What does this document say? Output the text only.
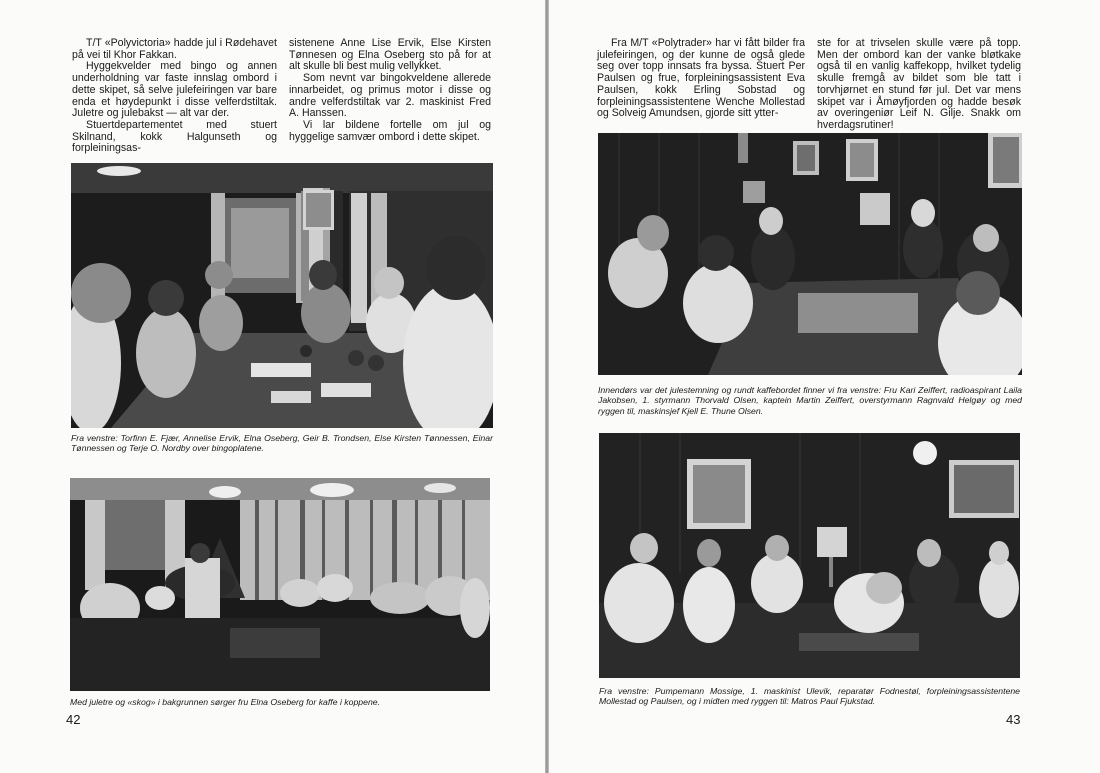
T/T «Polyvictoria» hadde jul i Rødehavet på vei til Khor Fakkan.

Hyggekvelder med bingo og annen underholdning var faste innslag ombord i dette skipet, så selve julefeiringen var bare enda et høydepunkt i disse velferdstiltak. Juletre og julebakst — alt var der.

Stuertdepartementet med stuert Skilnand, kokk Halgunseth og forpleiningsas-

sistenene Anne Lise Ervik, Else Kirsten Tønnesen og Elna Oseberg sto på for at alt skulle bli best mulig vellykket.

Som nevnt var bingokveldene allerede innarbeidet, og primus motor i disse og andre velferdstiltak var 2. maskinist Fred A. Hanssen.

Vi lar bildene fortelle om jul og hyggelige samvær ombord i dette skipet.

Fra venstre: Torfinn E. Fjær, Annelise Ervik, Elna Oseberg, Geir B. Trondsen, Else Kirsten Tønnessen, Einar Tønnessen og Terje O. Nordby over bingoplatene.
Med juletre og «skog» i bakgrunnen sørger fru Elna Oseberg for kaffe i koppene.
42

Fra M/T «Polytrader» har vi fått bilder fra julefeiringen, og der kunne de også glede seg over topp innsats fra byssa. Stuert Per Paulsen og frue, forpleiningsassistent Eva Paulsen, kokk Erling Sobstad og forpleiningsassistentene Wenche Mollestad og Solveig Amundsen, gjorde sitt ytter-

ste for at trivselen skulle være på topp. Men der ombord kan der vanke bløtkake også til en vanlig kaffekopp, hvilket tydelig skulle fremgå av bildet som ble tatt i torvhjørnet en stund før jul. Det var mens skipet var i Åmøyfjorden og hadde besøk av overingeniør Leif N. Gilje. Snakk om hverdagsrutiner!

Innendørs var det julestemning og rundt kaffebordet finner vi fra venstre: Fru Kari Zeiffert, radioaspirant Laila Jakobsen, 1. styrmann Thorvald Olsen, kaptein Martin Zeiffert, overstyrmann Ragnvald Helgøy og med ryggen til, maskinsjef Kjell E. Thune Olsen.
Fra venstre: Pumpemann Mossige, 1. maskinist Ulevik, reparatør Fodnestøl, forpleiningsassistentene Mollestad og Paulsen, og i midten med ryggen til: Matros Paul Fjukstad.
43
